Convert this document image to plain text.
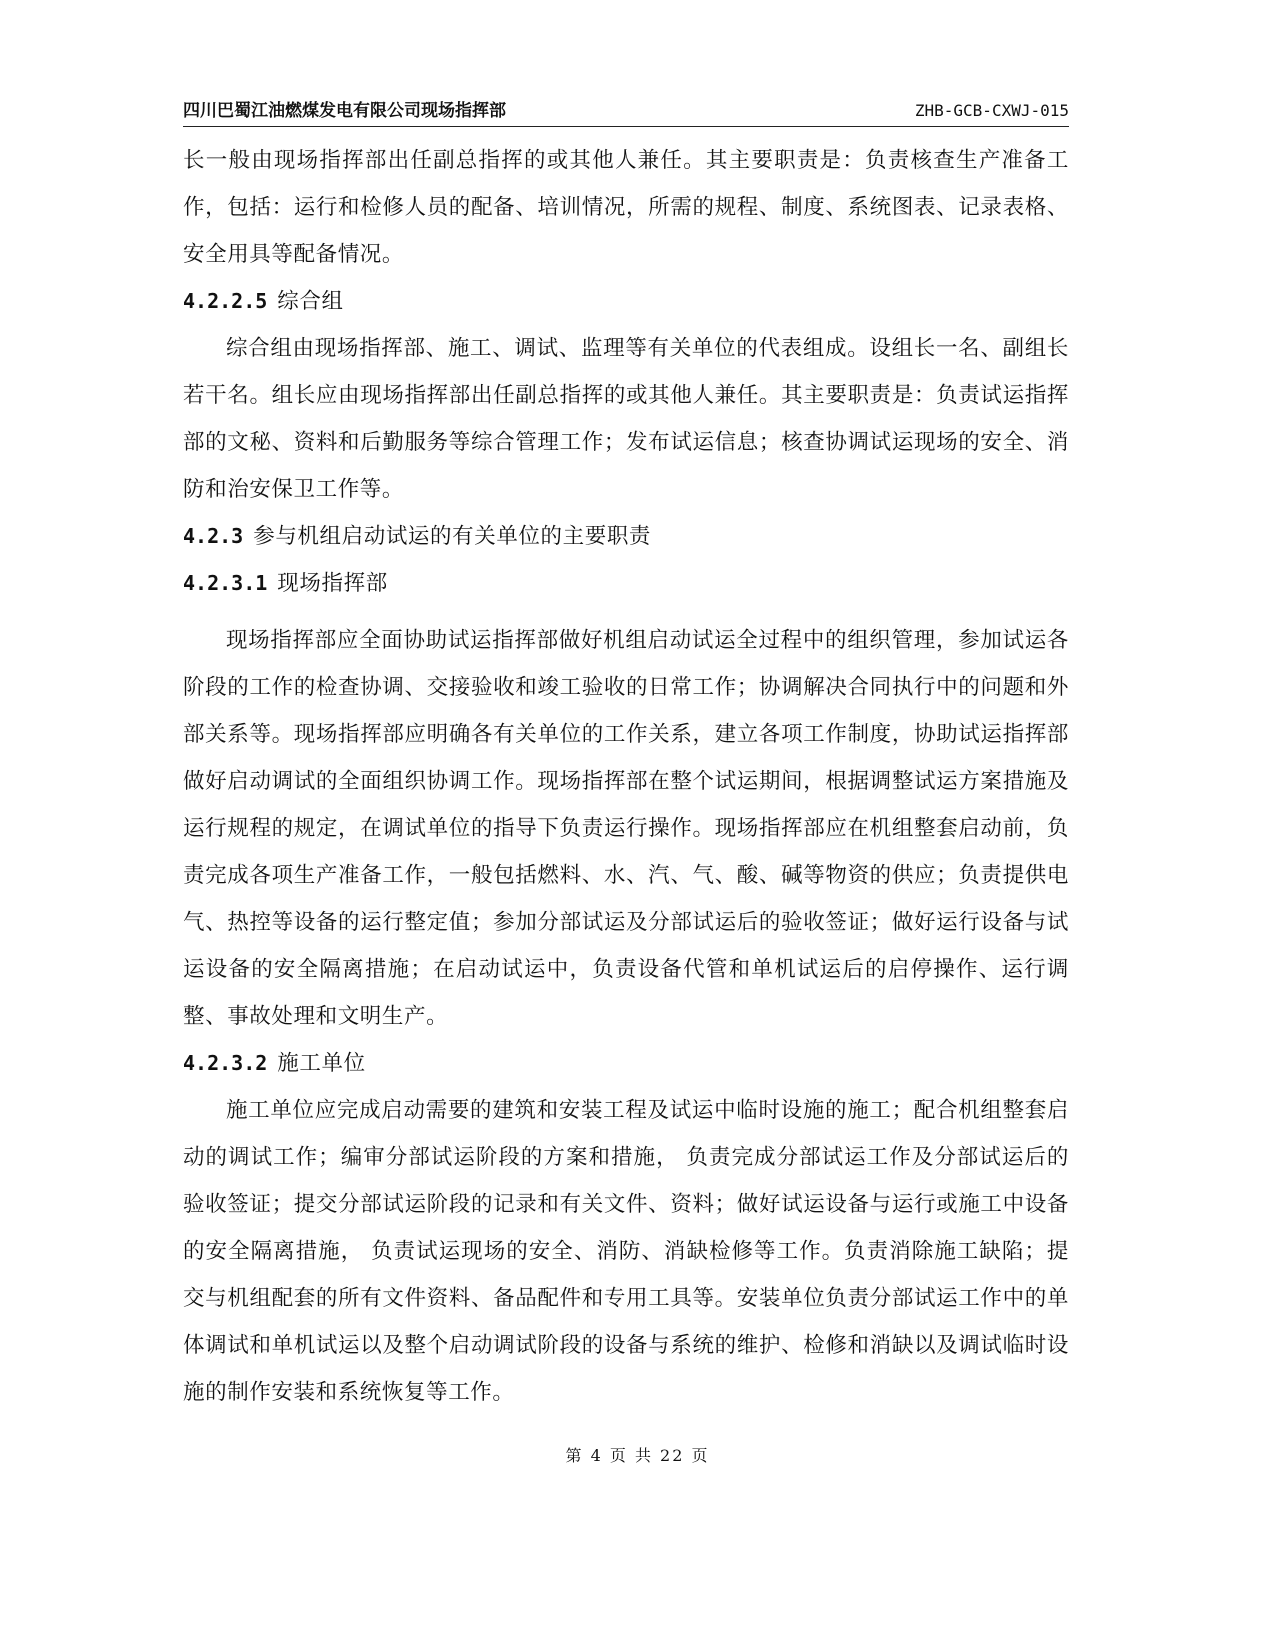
四川巴蜀江油燃煤发电有限公司现场指挥部	ZHB-GCB-CXWJ-015

长一般由现场指挥部出任副总指挥的或其他人兼任。其主要职责是：负责核查生产准备工作，包括：运行和检修人员的配备、培训情况，所需的规程、制度、系统图表、记录表格、安全用具等配备情况。

4.2.2.5 综合组

综合组由现场指挥部、施工、调试、监理等有关单位的代表组成。设组长一名、副组长若干名。组长应由现场指挥部出任副总指挥的或其他人兼任。其主要职责是：负责试运指挥部的文秘、资料和后勤服务等综合管理工作；发布试运信息；核查协调试运现场的安全、消防和治安保卫工作等。

4.2.3 参与机组启动试运的有关单位的主要职责

4.2.3.1 现场指挥部

现场指挥部应全面协助试运指挥部做好机组启动试运全过程中的组织管理，参加试运各阶段的工作的检查协调、交接验收和竣工验收的日常工作；协调解决合同执行中的问题和外部关系等。现场指挥部应明确各有关单位的工作关系，建立各项工作制度，协助试运指挥部做好启动调试的全面组织协调工作。现场指挥部在整个试运期间，根据调整试运方案措施及运行规程的规定，在调试单位的指导下负责运行操作。现场指挥部应在机组整套启动前，负责完成各项生产准备工作，一般包括燃料、水、汽、气、酸、碱等物资的供应；负责提供电气、热控等设备的运行整定值；参加分部试运及分部试运后的验收签证；做好运行设备与试运设备的安全隔离措施；在启动试运中，负责设备代管和单机试运后的启停操作、运行调整、事故处理和文明生产。

4.2.3.2 施工单位

施工单位应完成启动需要的建筑和安装工程及试运中临时设施的施工；配合机组整套启动的调试工作；编审分部试运阶段的方案和措施， 负责完成分部试运工作及分部试运后的验收签证；提交分部试运阶段的记录和有关文件、资料；做好试运设备与运行或施工中设备的安全隔离措施， 负责试运现场的安全、消防、消缺检修等工作。负责消除施工缺陷；提交与机组配套的所有文件资料、备品配件和专用工具等。安装单位负责分部试运工作中的单体调试和单机试运以及整个启动调试阶段的设备与系统的维护、检修和消缺以及调试临时设施的制作安装和系统恢复等工作。

第 4 页 共 22 页
